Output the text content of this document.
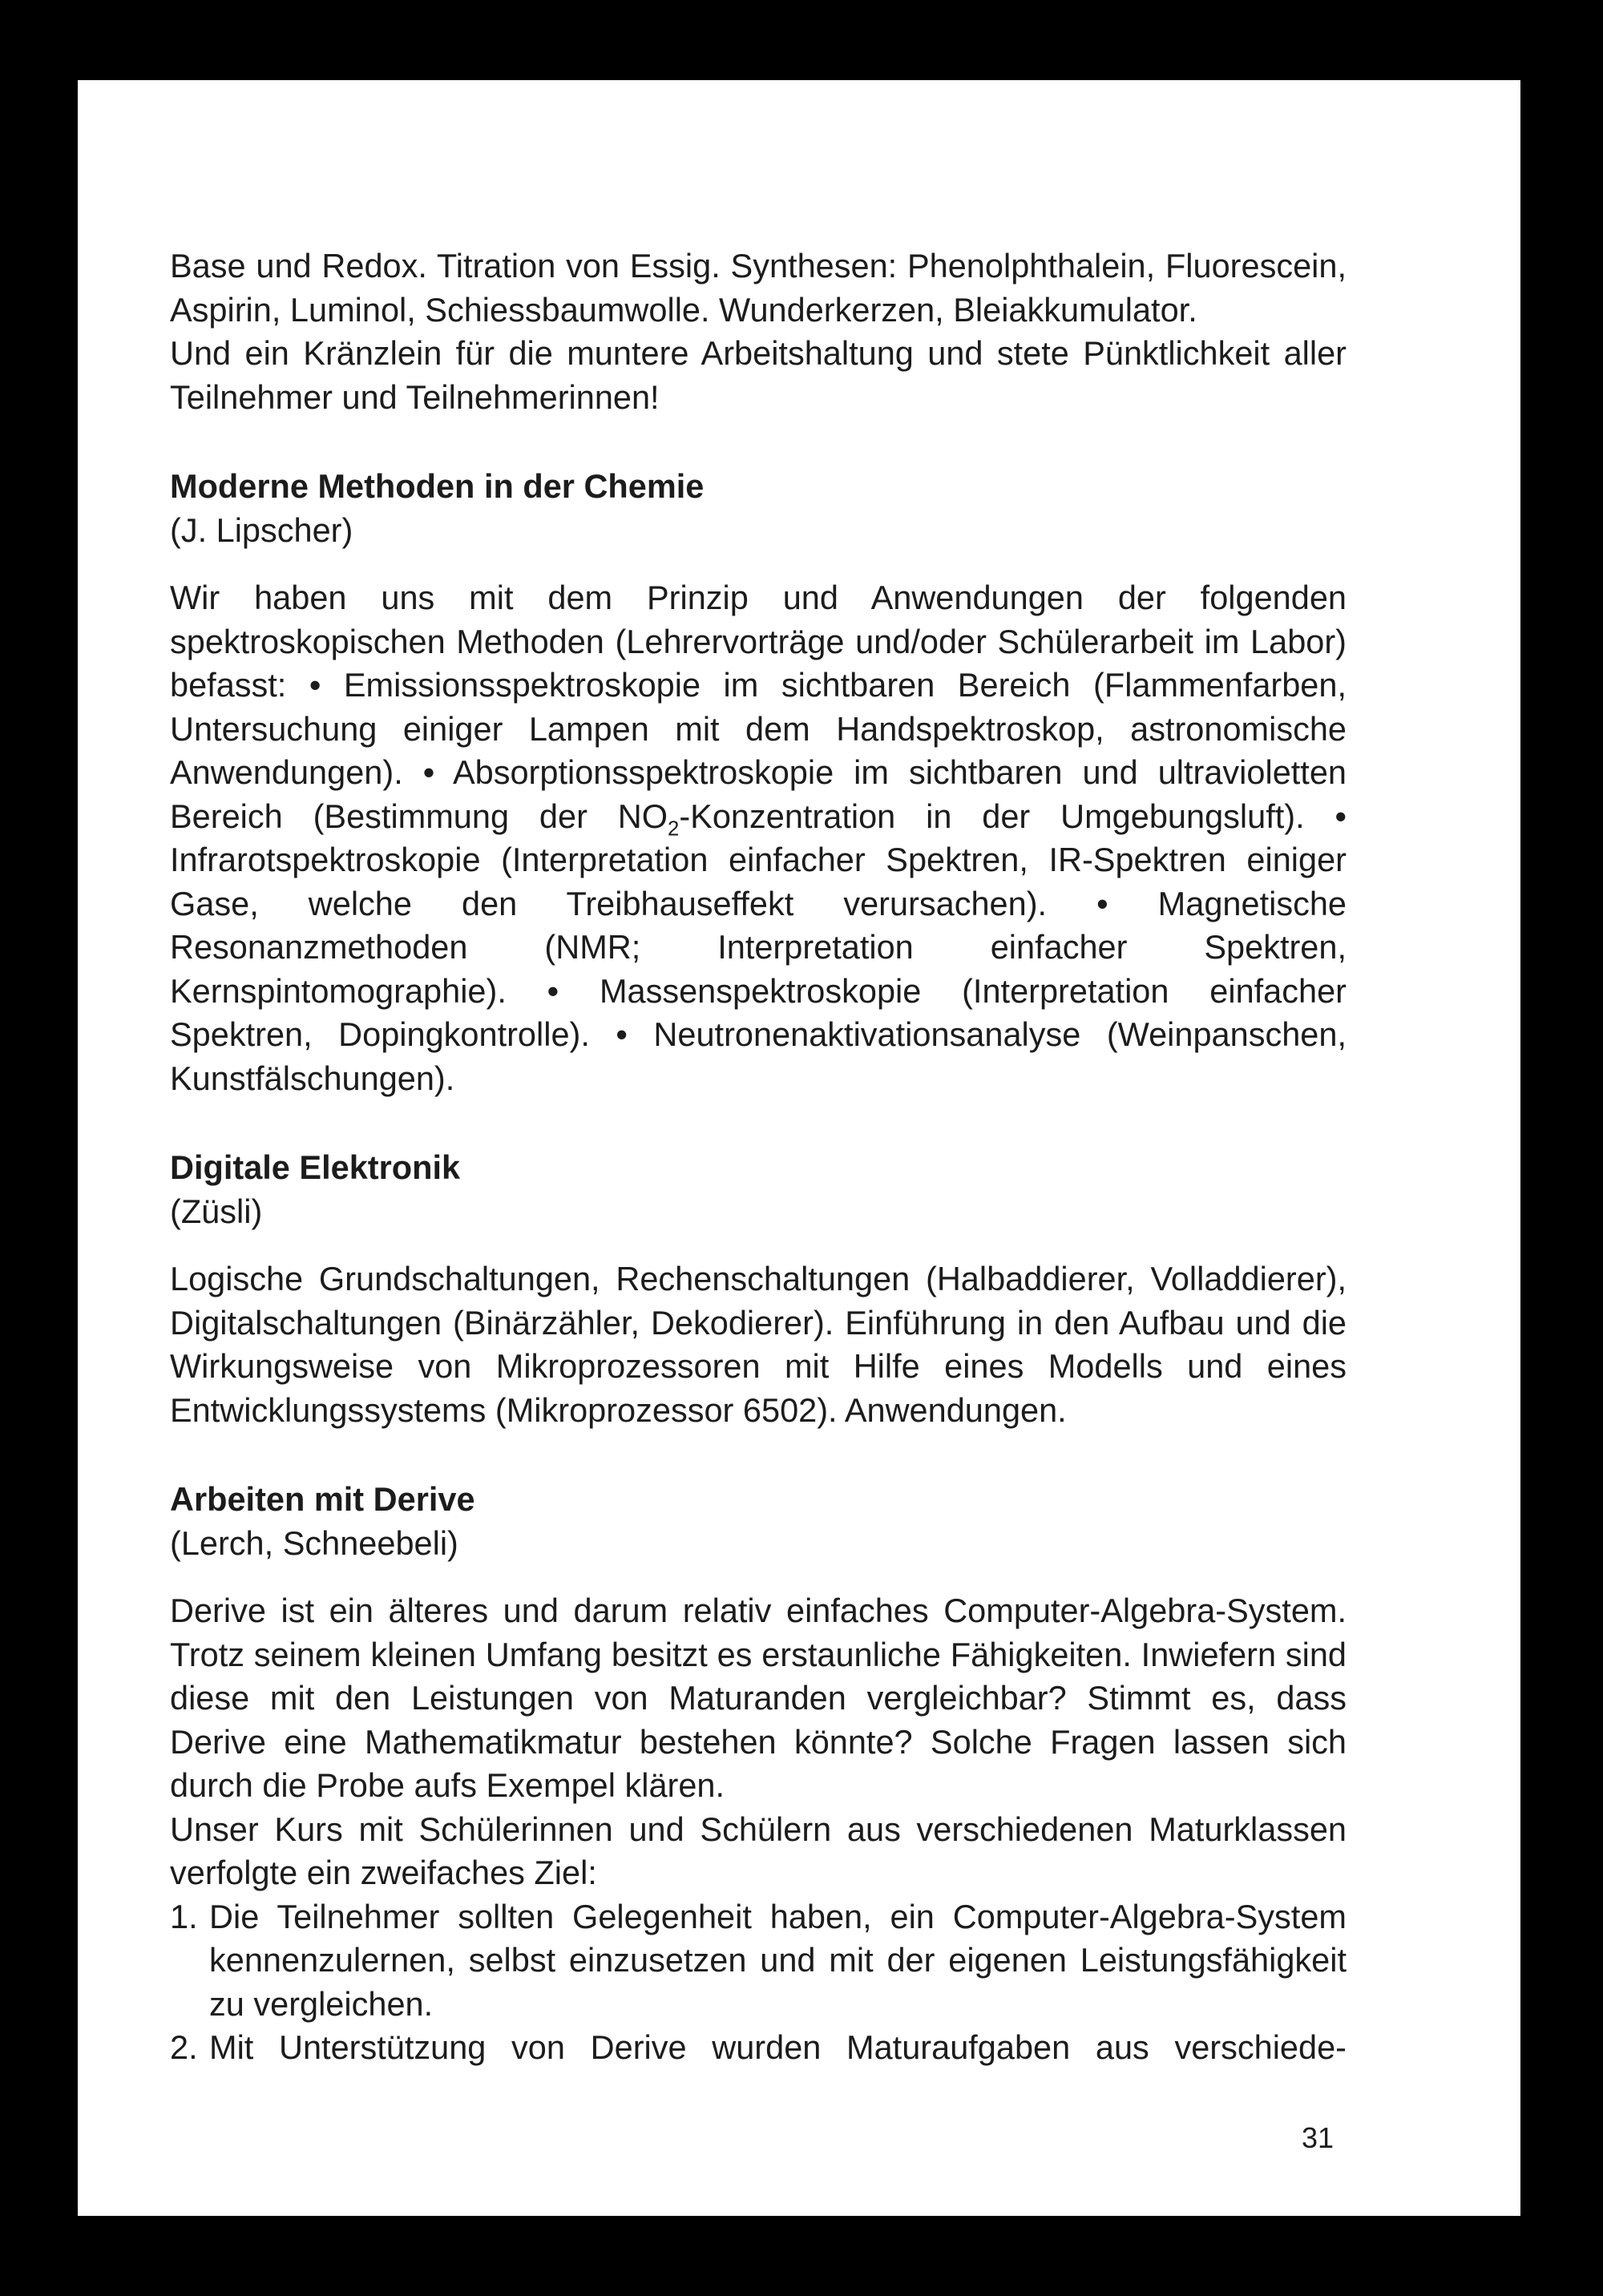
Base und Redox. Titration von Essig. Synthesen: Phenolphthalein, Fluorescein, Aspirin, Luminol, Schiessbaumwolle. Wunderkerzen, Bleiakkumulator.

Und ein Kränzlein für die muntere Arbeitshaltung und stete Pünktlichkeit aller Teilnehmer und Teilnehmerinnen!

Moderne Methoden in der Chemie

(J. Lipscher)

Wir haben uns mit dem Prinzip und Anwendungen der folgenden spektroskopischen Methoden (Lehrervorträge und/oder Schülerarbeit im Labor) befasst: • Emissionsspektroskopie im sichtbaren Bereich (Flammenfarben, Untersuchung einiger Lampen mit dem Handspektroskop, astronomische Anwendungen). • Absorptionsspektroskopie im sichtbaren und ultravioletten Bereich (Bestimmung der $NO_2$-Konzentration in der Umgebungsluft). • Infrarotspektroskopie (Interpretation einfacher Spektren, IR-Spektren einiger Gase, welche den Treibhauseffekt verursachen). • Magnetische Resonanzmethoden (NMR; Interpretation einfacher Spektren, Kernspintomographie). • Massenspektroskopie (Interpretation einfacher Spektren, Dopingkontrolle). • Neutronenaktivationsanalyse (Weinpanschen, Kunstfälschungen).

Digitale Elektronik

(Züsli)

Logische Grundschaltungen, Rechenschaltungen (Halbaddierer, Volladdierer), Digitalschaltungen (Binärzähler, Dekodierer). Einführung in den Aufbau und die Wirkungsweise von Mikroprozessoren mit Hilfe eines Modells und eines Entwicklungssystems (Mikroprozessor 6502). Anwendungen.

Arbeiten mit Derive

(Lerch, Schneebeli)

Derive ist ein älteres und darum relativ einfaches Computer-Algebra-System. Trotz seinem kleinen Umfang besitzt es erstaunliche Fähigkeiten. Inwiefern sind diese mit den Leistungen von Maturanden vergleichbar? Stimmt es, dass Derive eine Mathematikmatur bestehen könnte? Solche Fragen lassen sich durch die Probe aufs Exempel klären.

Unser Kurs mit Schülerinnen und Schülern aus verschiedenen Maturklassen verfolgte ein zweifaches Ziel:

1. Die Teilnehmer sollten Gelegenheit haben, ein Computer-Algebra-System kennenzulernen, selbst einzusetzen und mit der eigenen Leistungsfähigkeit zu vergleichen.
2. Mit Unterstützung von Derive wurden Maturaufgaben aus verschiede-
31
